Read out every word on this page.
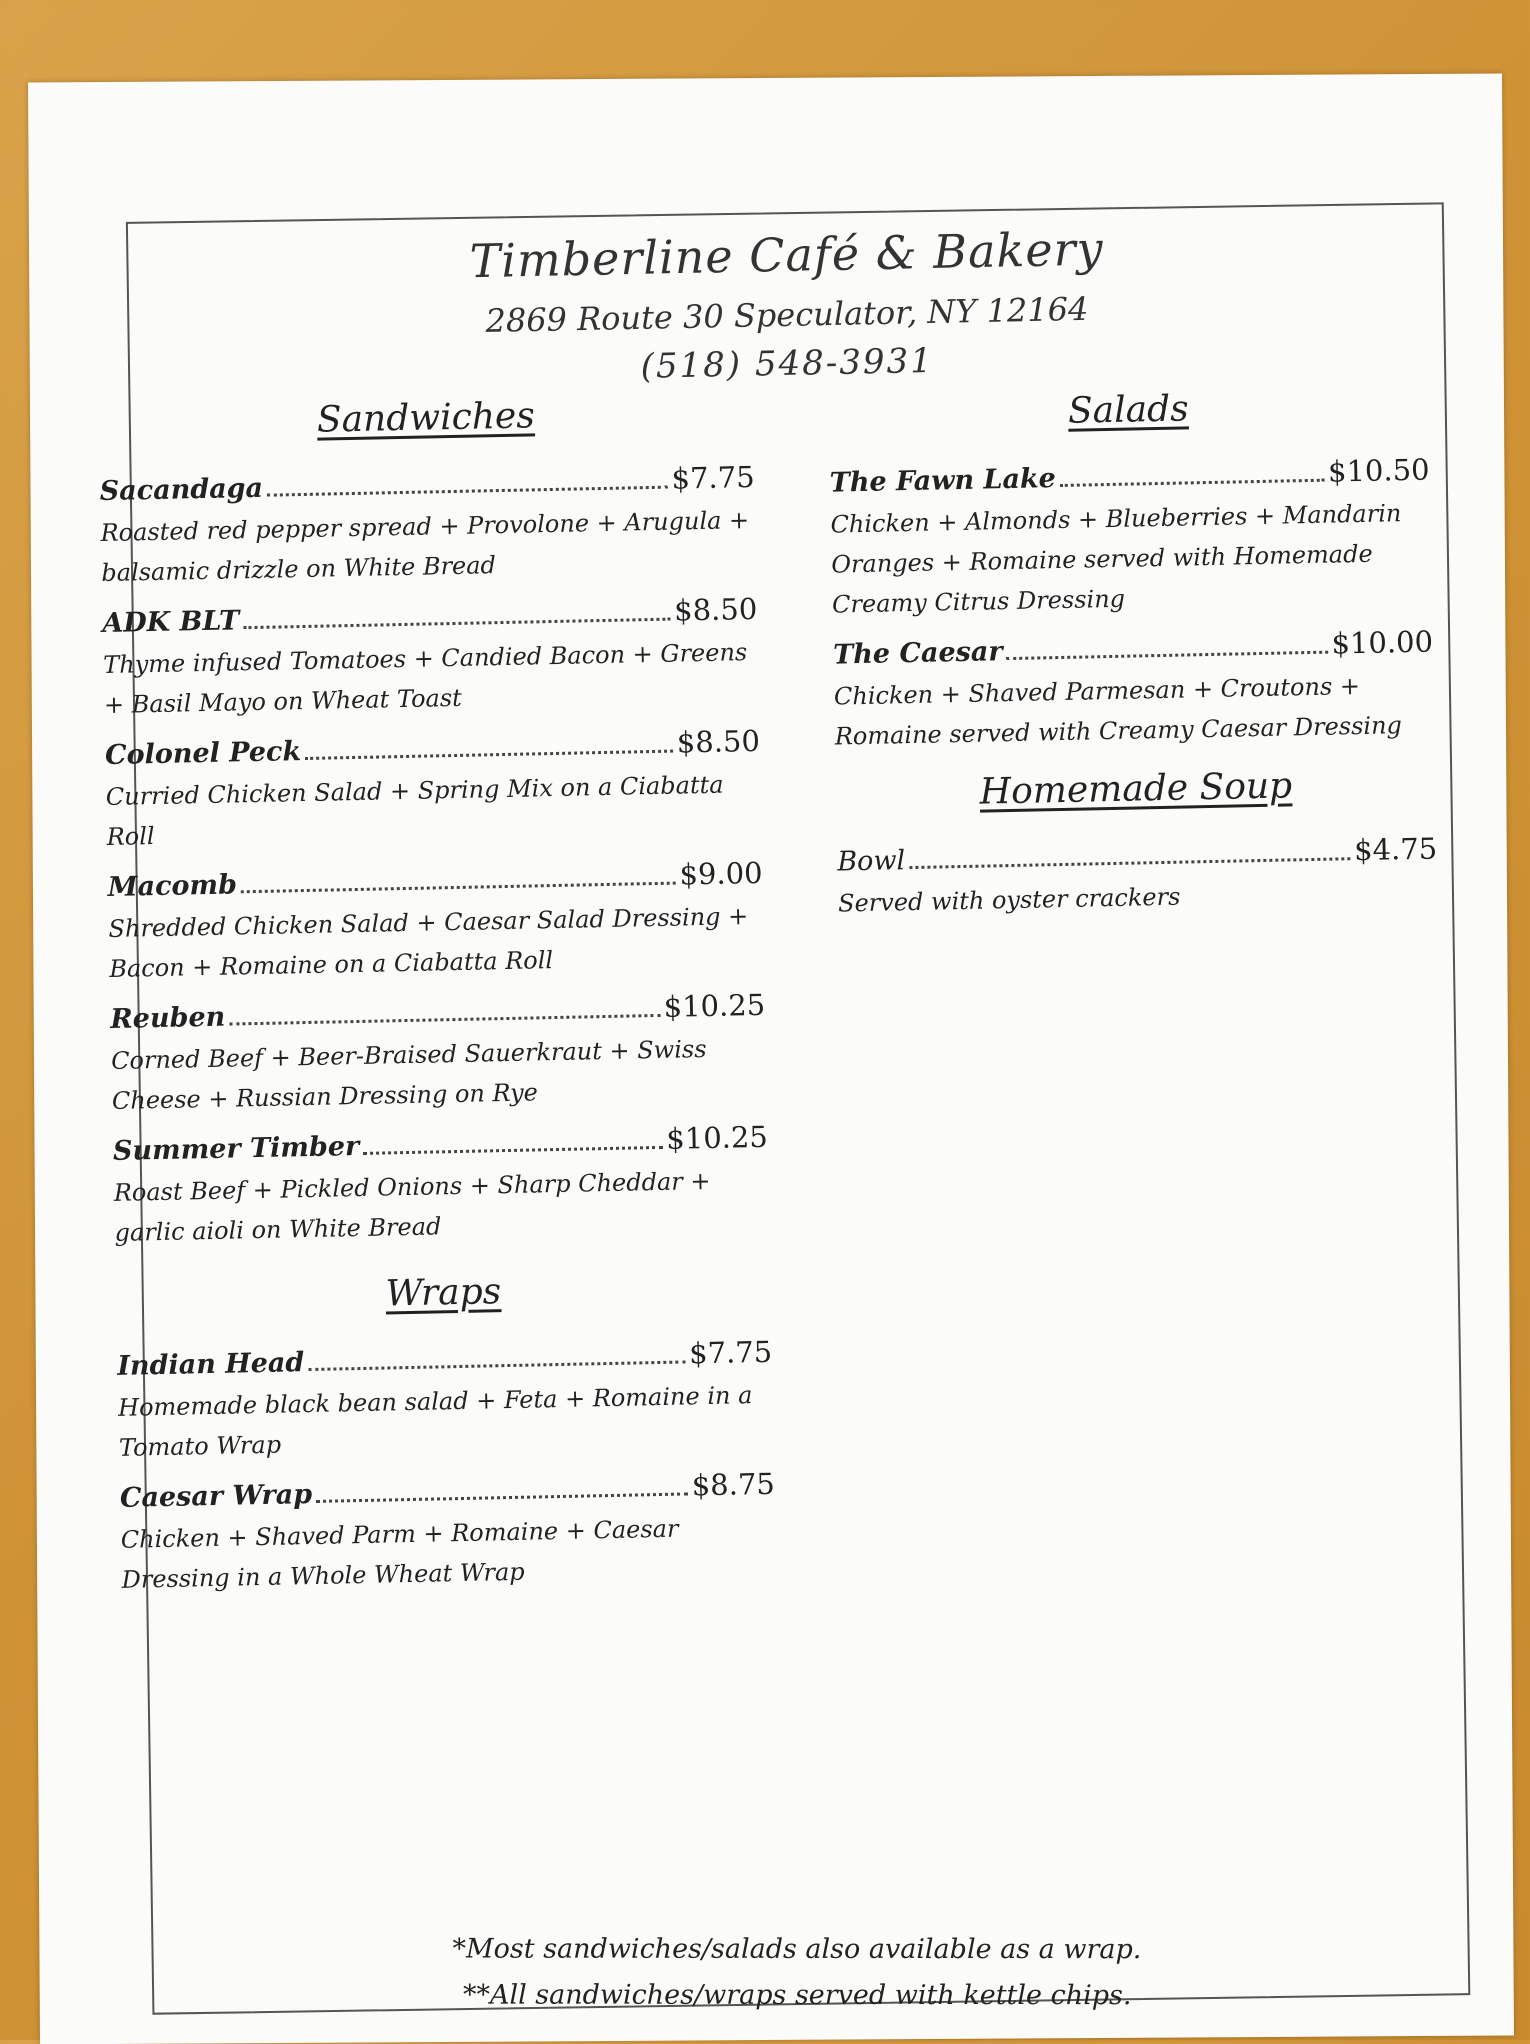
Timberline Café & Bakery
2869 Route 30 Speculator, NY 12164
(518) 548-3931
Sandwiches
Sacandaga	$7.75
Roasted red pepper spread + Provolone + Arugula + balsamic drizzle on White Bread
ADK BLT	$8.50
Thyme infused Tomatoes + Candied Bacon + Greens + Basil Mayo on Wheat Toast
Colonel Peck	$8.50
Curried Chicken Salad + Spring Mix on a Ciabatta Roll
Macomb	$9.00
Shredded Chicken Salad + Caesar Salad Dressing + Bacon + Romaine on a Ciabatta Roll
Reuben	$10.25
Corned Beef + Beer-Braised Sauerkraut + Swiss Cheese + Russian Dressing on Rye
Summer Timber	$10.25
Roast Beef + Pickled Onions + Sharp Cheddar + garlic aioli on White Bread
Wraps
Indian Head	$7.75
Homemade black bean salad + Feta + Romaine in a Tomato Wrap
Caesar Wrap	$8.75
Chicken + Shaved Parm + Romaine + Caesar Dressing in a Whole Wheat Wrap
Salads
The Fawn Lake	$10.50
Chicken + Almonds + Blueberries + Mandarin Oranges + Romaine served with Homemade Creamy Citrus Dressing
The Caesar	$10.00
Chicken + Shaved Parmesan + Croutons + Romaine served with Creamy Caesar Dressing
Homemade Soup
Bowl	$4.75
Served with oyster crackers
*Most sandwiches/salads also available as a wrap.
**All sandwiches/wraps served with kettle chips.
